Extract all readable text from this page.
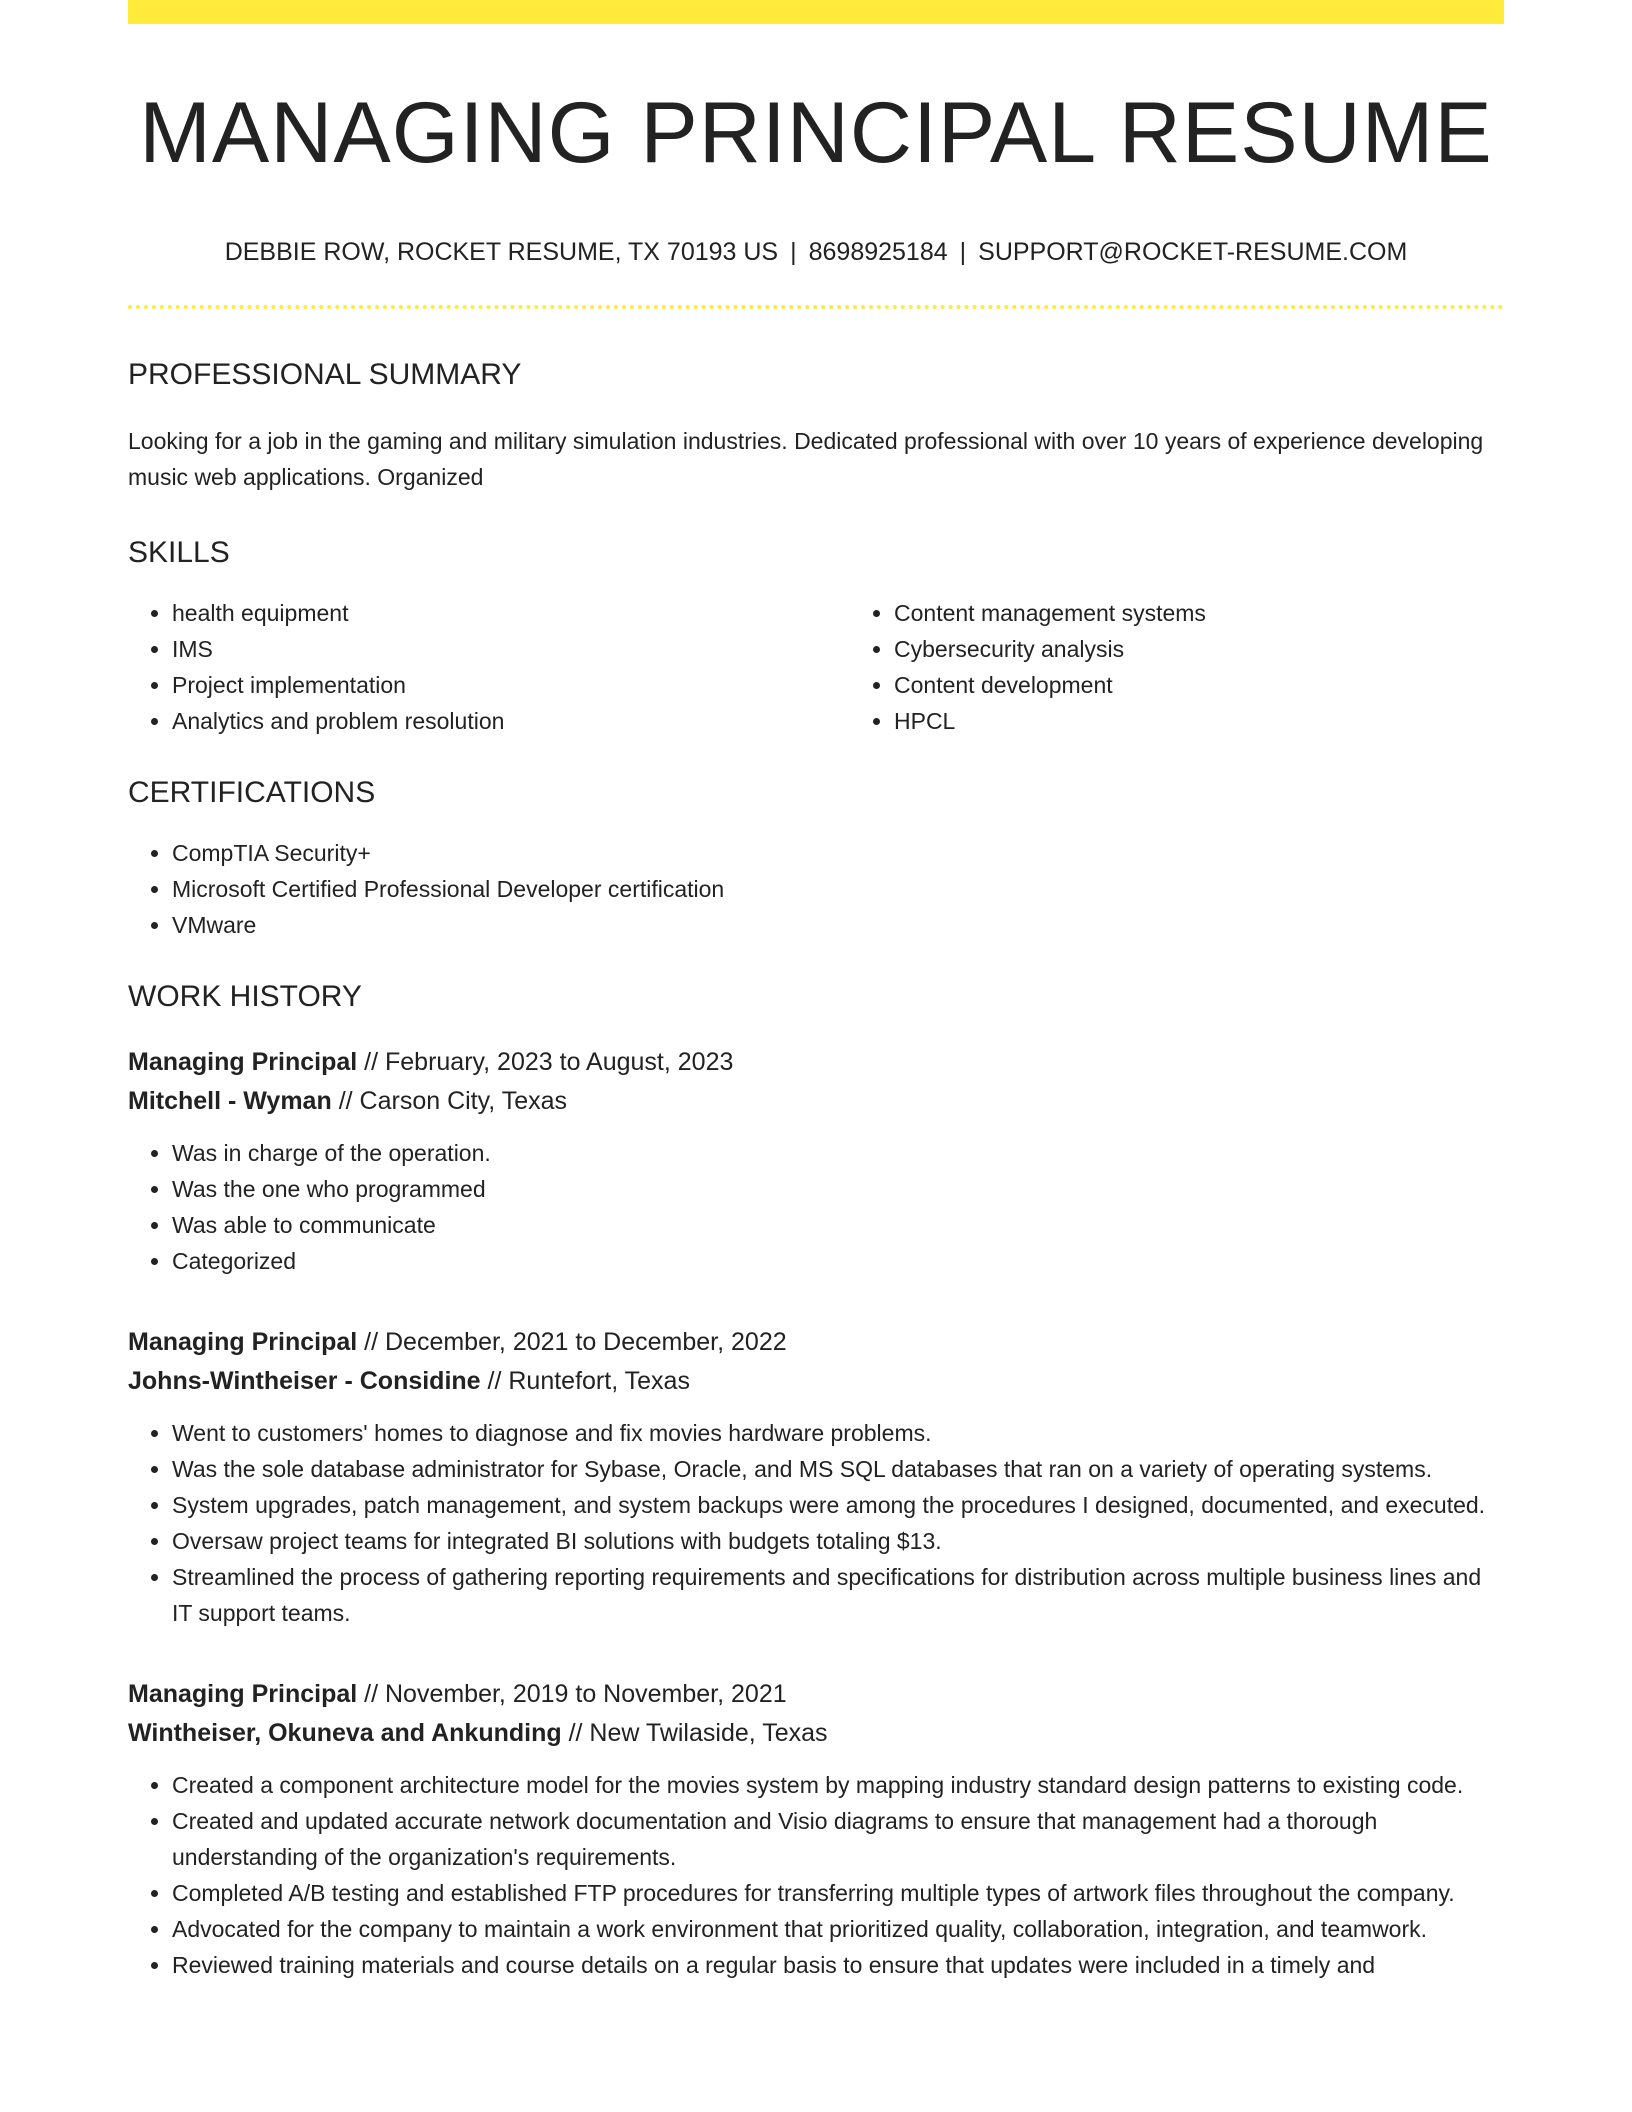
MANAGING PRINCIPAL RESUME
DEBBIE ROW, ROCKET RESUME, TX 70193 US | 8698925184 | SUPPORT@ROCKET-RESUME.COM
PROFESSIONAL SUMMARY
Looking for a job in the gaming and military simulation industries. Dedicated professional with over 10 years of experience developing music web applications. Organized
SKILLS
• health equipment
• IMS
• Project implementation
• Analytics and problem resolution
• Content management systems
• Cybersecurity analysis
• Content development
• HPCL
CERTIFICATIONS
• CompTIA Security+
• Microsoft Certified Professional Developer certification
• VMware
WORK HISTORY
Managing Principal // February, 2023 to August, 2023
Mitchell - Wyman // Carson City, Texas
• Was in charge of the operation.
• Was the one who programmed
• Was able to communicate
• Categorized
Managing Principal // December, 2021 to December, 2022
Johns-Wintheiser - Considine // Runtefort, Texas
• Went to customers' homes to diagnose and fix movies hardware problems.
• Was the sole database administrator for Sybase, Oracle, and MS SQL databases that ran on a variety of operating systems.
• System upgrades, patch management, and system backups were among the procedures I designed, documented, and executed.
• Oversaw project teams for integrated BI solutions with budgets totaling $13.
• Streamlined the process of gathering reporting requirements and specifications for distribution across multiple business lines and IT support teams.
Managing Principal // November, 2019 to November, 2021
Wintheiser, Okuneva and Ankunding // New Twilaside, Texas
• Created a component architecture model for the movies system by mapping industry standard design patterns to existing code.
• Created and updated accurate network documentation and Visio diagrams to ensure that management had a thorough understanding of the organization's requirements.
• Completed A/B testing and established FTP procedures for transferring multiple types of artwork files throughout the company.
• Advocated for the company to maintain a work environment that prioritized quality, collaboration, integration, and teamwork.
• Reviewed training materials and course details on a regular basis to ensure that updates were included in a timely and
